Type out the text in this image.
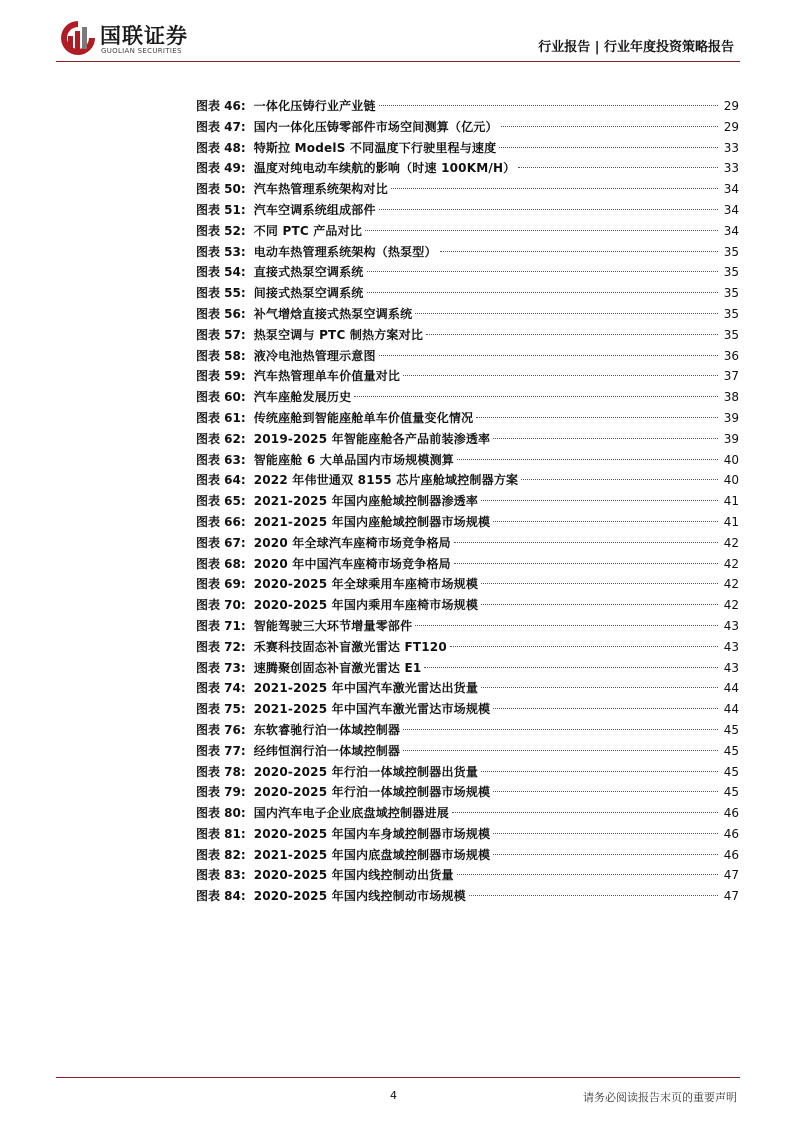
国联证券
GUOLIAN SECURITIES	行业报告 | 行业年度投资策略报告
图表 46: 一体化压铸行业产业链	29
图表 47: 国内一体化压铸零部件市场空间测算（亿元）	29
图表 48: 特斯拉 ModelS 不同温度下行驶里程与速度	33
图表 49: 温度对纯电动车续航的影响（时速 100KM/H）	33
图表 50: 汽车热管理系统架构对比	34
图表 51: 汽车空调系统组成部件	34
图表 52: 不同 PTC 产品对比	34
图表 53: 电动车热管理系统架构（热泵型）	35
图表 54: 直接式热泵空调系统	35
图表 55: 间接式热泵空调系统	35
图表 56: 补气增焓直接式热泵空调系统	35
图表 57: 热泵空调与 PTC 制热方案对比	35
图表 58: 液冷电池热管理示意图	36
图表 59: 汽车热管理单车价值量对比	37
图表 60: 汽车座舱发展历史	38
图表 61: 传统座舱到智能座舱单车价值量变化情况	39
图表 62: 2019-2025 年智能座舱各产品前装渗透率	39
图表 63: 智能座舱 6 大单品国内市场规模测算	40
图表 64: 2022 年伟世通双 8155 芯片座舱域控制器方案	40
图表 65: 2021-2025 年国内座舱域控制器渗透率	41
图表 66: 2021-2025 年国内座舱域控制器市场规模	41
图表 67: 2020 年全球汽车座椅市场竞争格局	42
图表 68: 2020 年中国汽车座椅市场竞争格局	42
图表 69: 2020-2025 年全球乘用车座椅市场规模	42
图表 70: 2020-2025 年国内乘用车座椅市场规模	42
图表 71: 智能驾驶三大环节增量零部件	43
图表 72: 禾赛科技固态补盲激光雷达 FT120	43
图表 73: 速腾聚创固态补盲激光雷达 E1	43
图表 74: 2021-2025 年中国汽车激光雷达出货量	44
图表 75: 2021-2025 年中国汽车激光雷达市场规模	44
图表 76: 东软睿驰行泊一体域控制器	45
图表 77: 经纬恒润行泊一体域控制器	45
图表 78: 2020-2025 年行泊一体域控制器出货量	45
图表 79: 2020-2025 年行泊一体域控制器市场规模	45
图表 80: 国内汽车电子企业底盘域控制器进展	46
图表 81: 2020-2025 年国内车身域控制器市场规模	46
图表 82: 2021-2025 年国内底盘域控制器市场规模	46
图表 83: 2020-2025 年国内线控制动出货量	47
图表 84: 2020-2025 年国内线控制动市场规模	47
4	请务必阅读报告末页的重要声明
